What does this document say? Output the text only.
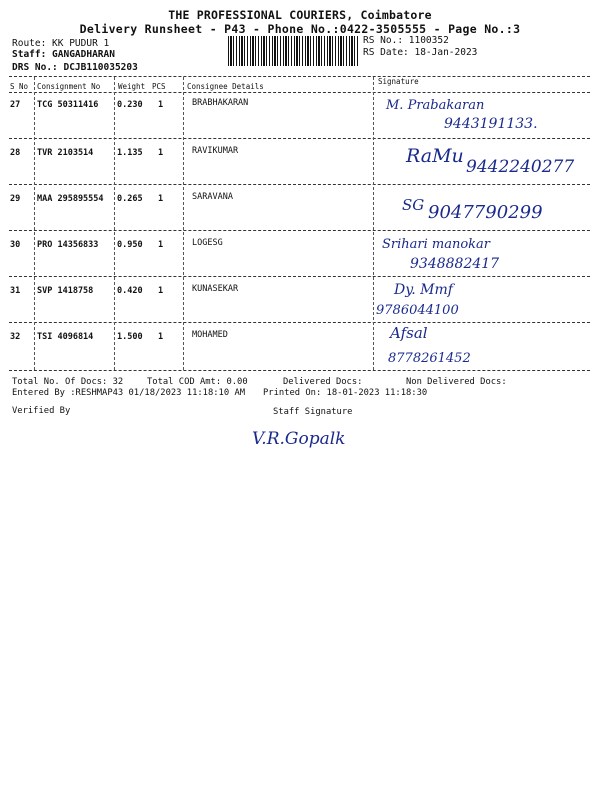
THE PROFESSIONAL COURIERS, Coimbatore
Delivery Runsheet - P43 - Phone No.:0422-3505555 - Page No.:3
Route: KK PUDUR 1
Staff: GANGADHARAN
DRS No.: DCJB110035203
RS No.: 1100352
RS Date: 18-Jan-2023
S No Consignment No Weight PCS	Consignee Details
Signature
27 TCG 50311416 0.230 1	BRABHAKARAN	M. Prabakaran
9443191133.
28 TVR 2103514	1.135 1	RAVIKUMAR	RaMu 9442240277
29 MAA 295895554 0.265 1	SARAVANA	SG 9047790299
30 PRO 14356833 0.950 1	LOGESG	Srihari manokar
9348882417
31 SVP 1418758	0.420 1	KUNASEKAR	Dy. Mmf
9786044100
32 TSI 4096814	1.500 1	MOHAMED	Afsal
8778261452
Total No. Of Docs: 32	Total COD Amt: 0.00	Delivered Docs:	Non Delivered Docs:
Entered By :RESHMAP43 01/18/2023 11:18:10 AM Printed On: 18-01-2023 11:18:30
Verified By	Staff Signature
V.R.Gopalk
